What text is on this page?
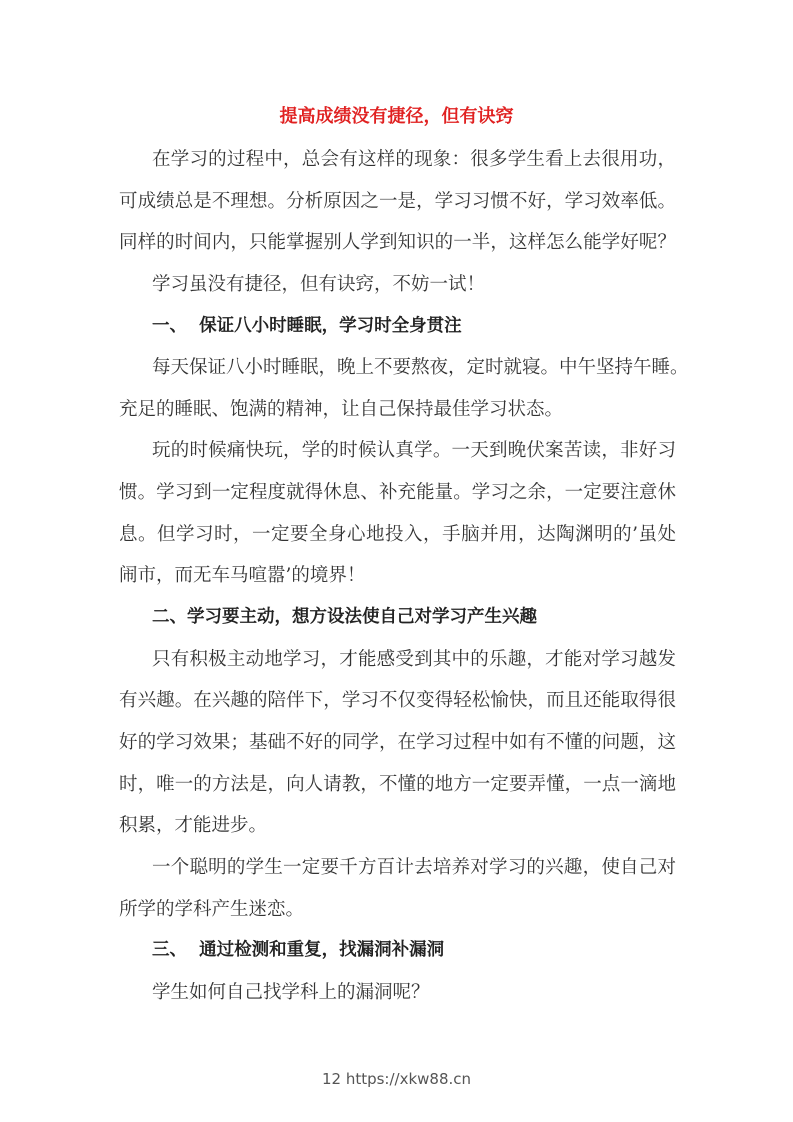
提高成绩没有捷径，但有诀窍
在学习的过程中，总会有这样的现象：很多学生看上去很用功，
可成绩总是不理想。分析原因之一是，学习习惯不好，学习效率低。
同样的时间内，只能掌握别人学到知识的一半，这样怎么能学好呢？
学习虽没有捷径，但有诀窍，不妨一试！
一、  保证八小时睡眠，学习时全身贯注
每天保证八小时睡眠，晚上不要熬夜，定时就寝。中午坚持午睡。
充足的睡眠、饱满的精神，让自己保持最佳学习状态。
玩的时候痛快玩，学的时候认真学。一天到晚伏案苦读，非好习
惯。学习到一定程度就得休息、补充能量。学习之余，一定要注意休
息。但学习时，一定要全身心地投入，手脑并用，达陶渊明的’虽处
闹市，而无车马喧嚣’的境界！
二、学习要主动，想方设法使自己对学习产生兴趣
只有积极主动地学习，才能感受到其中的乐趣，才能对学习越发
有兴趣。在兴趣的陪伴下，学习不仅变得轻松愉快，而且还能取得很
好的学习效果；基础不好的同学，在学习过程中如有不懂的问题，这
时，唯一的方法是，向人请教，不懂的地方一定要弄懂，一点一滴地
积累，才能进步。
一个聪明的学生一定要千方百计去培养对学习的兴趣，使自己对
所学的学科产生迷恋。
三、  通过检测和重复，找漏洞补漏洞
学生如何自己找学科上的漏洞呢？
12 https://xkw88.cn
